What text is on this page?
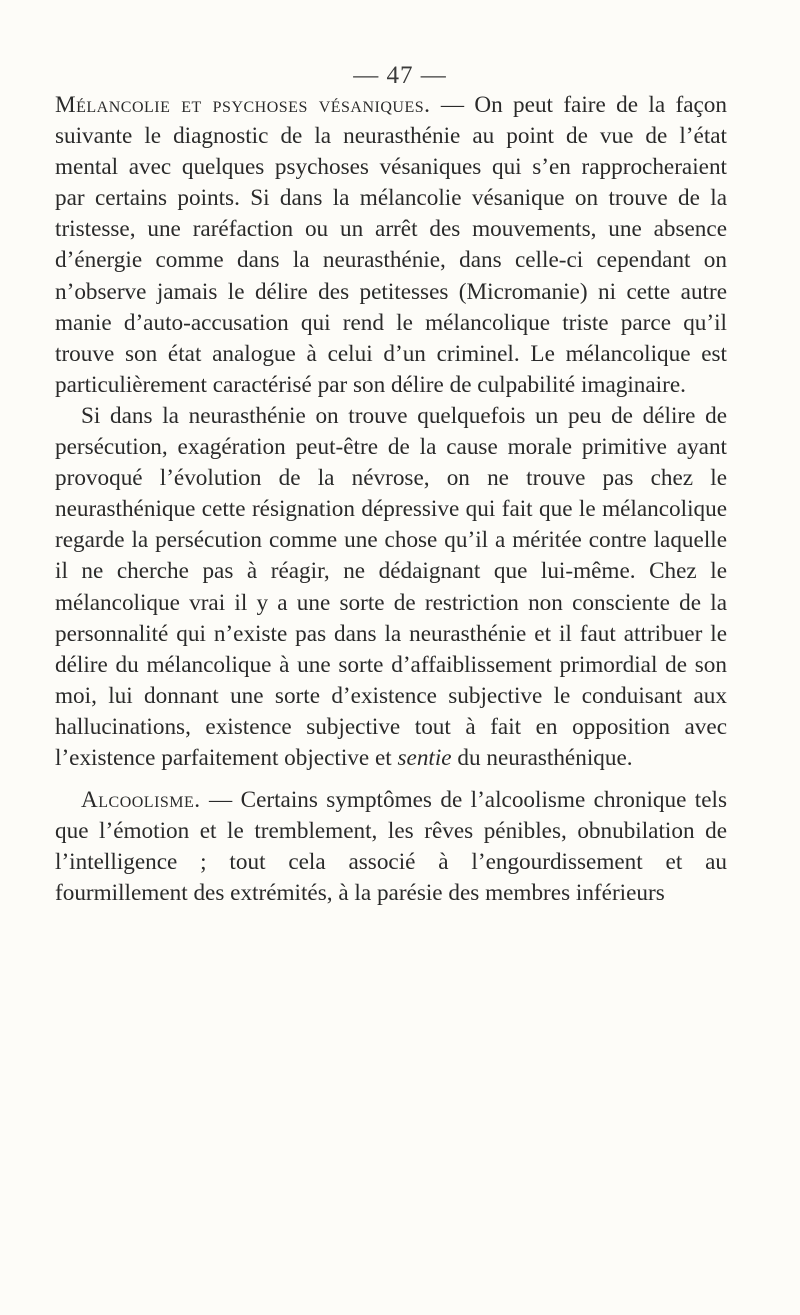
— 47 —

Mélancolie et psychoses vésaniques. — On peut faire de la façon suivante le diagnostic de la neurasthénie au point de vue de l’état mental avec quelques psychoses vésaniques qui s’en rapprocheraient par certains points. Si dans la mélancolie vésanique on trouve de la tristesse, une raréfaction ou un arrêt des mouvements, une absence d’énergie comme dans la neurasthénie, dans celle-ci cependant on n’observe jamais le délire des petitesses (Micromanie) ni cette autre manie d’auto-accusation qui rend le mélancolique triste parce qu’il trouve son état analogue à celui d’un criminel. Le mélancolique est particulièrement caractérisé par son délire de culpabilité imaginaire.

Si dans la neurasthénie on trouve quelquefois un peu de délire de persécution, exagération peut-être de la cause morale primitive ayant provoqué l’évolution de la névrose, on ne trouve pas chez le neurasthénique cette résignation dépressive qui fait que le mélancolique regarde la persécution comme une chose qu’il a méritée contre laquelle il ne cherche pas à réagir, ne dédaignant que lui-même. Chez le mélancolique vrai il y a une sorte de restriction non consciente de la personnalité qui n’existe pas dans la neurasthénie et il faut attribuer le délire du mélancolique à une sorte d’affaiblissement primordial de son moi, lui donnant une sorte d’existence subjective le conduisant aux hallucinations, existence subjective tout à fait en opposition avec l’existence parfaitement objective et sentie du neurasthénique.

Alcoolisme. — Certains symptômes de l’alcoolisme chronique tels que l’émotion et le tremblement, les rêves pénibles, obnubilation de l’intelligence ; tout cela associé à l’engourdissement et au fourmillement des extrémités, à la parésie des membres inférieurs
